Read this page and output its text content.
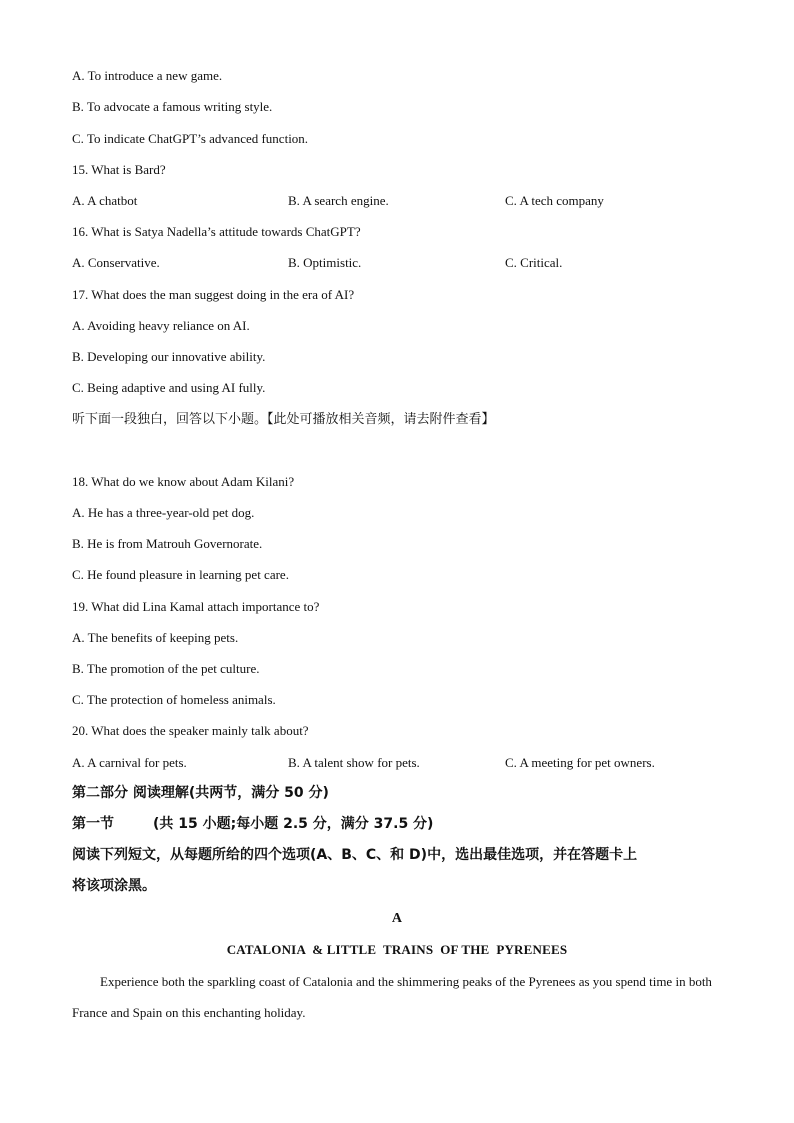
A. To introduce a new game.
B. To advocate a famous writing style.
C. To indicate ChatGPT’s advanced function.
15. What is Bard?
A. A chatbot	B. A search engine.	C. A tech company
16. What is Satya Nadella’s attitude towards ChatGPT?
A. Conservative.	B. Optimistic.	C. Critical.
17. What does the man suggest doing in the era of AI?
A. Avoiding heavy reliance on AI.
B. Developing our innovative ability.
C. Being adaptive and using AI fully.
听下面一段独白，回答以下小题。【此处可播放相关音频，请去附件查看】
18. What do we know about Adam Kilani?
A. He has a three-year-old pet dog.
B. He is from Matrouh Governorate.
C. He found pleasure in learning pet care.
19. What did Lina Kamal attach importance to?
A. The benefits of keeping pets.
B. The promotion of the pet culture.
C. The protection of homeless animals.
20. What does the speaker mainly talk about?
A. A carnival for pets.	B. A talent show for pets.	C. A meeting for pet owners.
第二部分 阅读理解(共两节，满分 50 分)
第一节        (共 15 小题;每小题 2.5 分，满分 37.5 分)
阅读下列短文，从每题所给的四个选项(A、B、C、和 D)中，选出最佳选项，并在答题卡上
将该项涂黑。
A
CATALONIA  & LITTLE  TRAINS  OF THE  PYRENEES
Experience both the sparkling coast of Catalonia and the shimmering peaks of the Pyrenees as you spend time in both France and Spain on this enchanting holiday.
